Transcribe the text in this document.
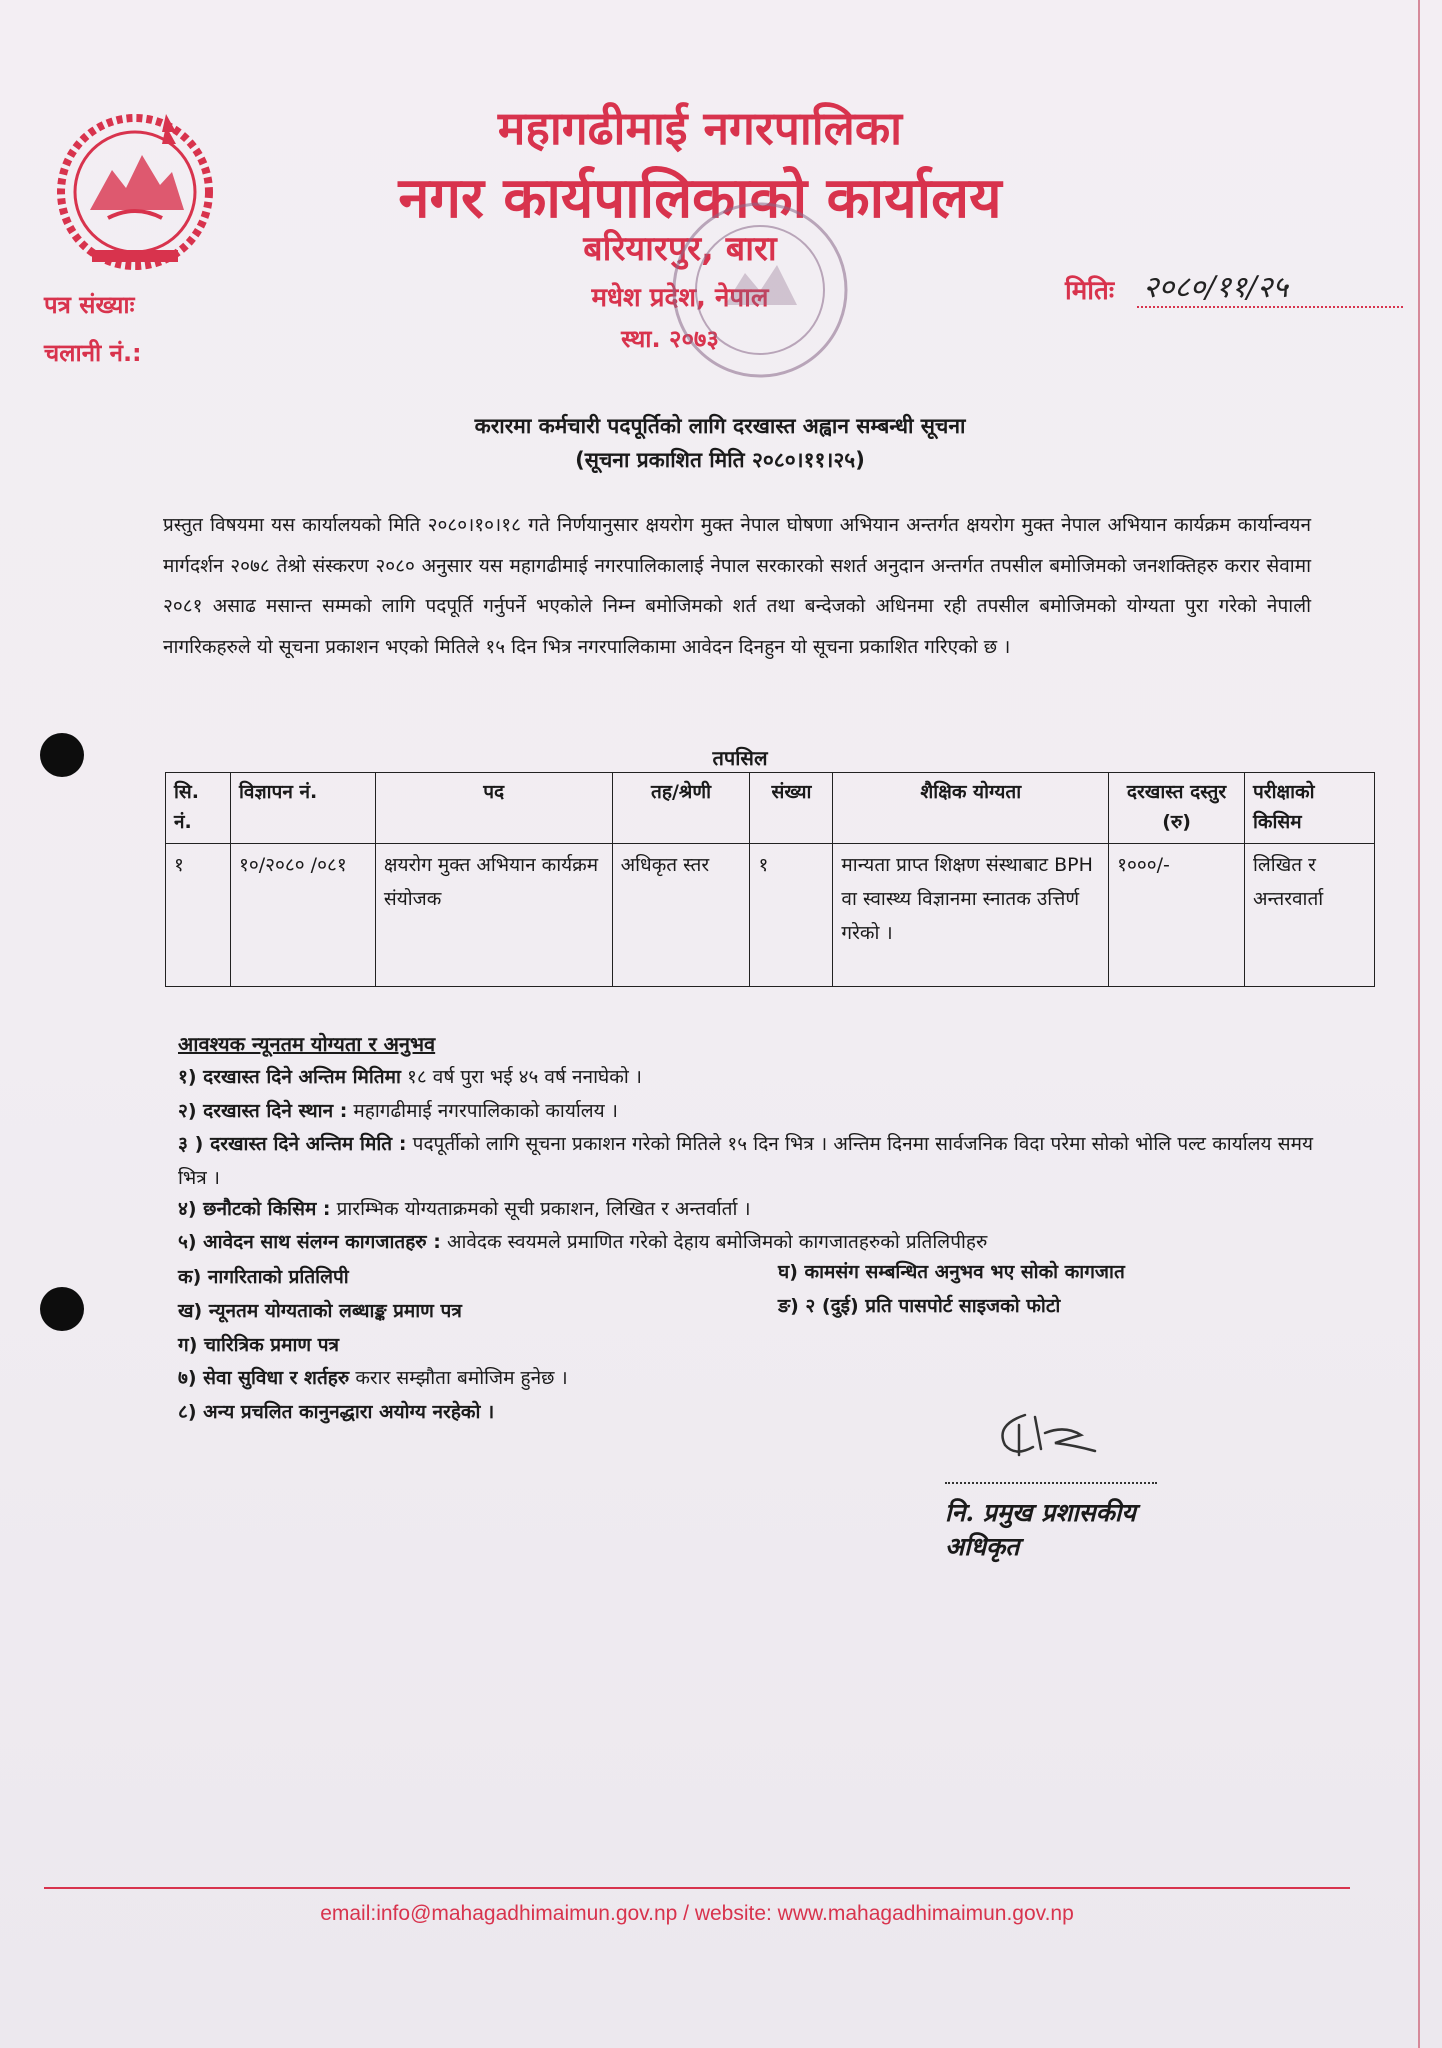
महागढीमाई नगरपालिका
नगर कार्यपालिकाको कार्यालय
बरियारपुर, बारा
मधेश प्रदेश, नेपाल
स्था. २०७३
पत्र संख्याः
चलानी नं.:
मितिः २०८०/११/२५
करारमा कर्मचारी पदपूर्तिको लागि दरखास्त अह्वान सम्बन्धी सूचना
(सूचना प्रकाशित मिति २०८०।११।२५)
प्रस्तुत विषयमा यस कार्यालयको मिति २०८०।१०।१८ गते निर्णयानुसार क्षयरोग मुक्त नेपाल घोषणा अभियान अन्तर्गत क्षयरोग मुक्त नेपाल अभियान कार्यक्रम कार्यान्वयन मार्गदर्शन २०७८ तेश्रो संस्करण २०८० अनुसार यस महागढीमाई नगरपालिकालाई नेपाल सरकारको सशर्त अनुदान अन्तर्गत तपसील बमोजिमको जनशक्तिहरु करार सेवामा २०८१ असाढ मसान्त सम्मको लागि पदपूर्ति गर्नुपर्ने भएकोले निम्न बमोजिमको शर्त तथा बन्देजको अधिनमा रही तपसील बमोजिमको योग्यता पुरा गरेको नेपाली नागरिकहरुले यो सूचना प्रकाशन भएको मितिले १५ दिन भित्र नगरपालिकामा आवेदन दिनहुन यो सूचना प्रकाशित गरिएको छ ।
तपसिल
सि. नं.	विज्ञापन नं.	पद	तह/श्रेणी	संख्या	शैक्षिक योग्यता	दरखास्त दस्तुर (रु)	परीक्षाको किसिम
१	१०/२०८० /०८१	क्षयरोग मुक्त अभियान कार्यक्रम संयोजक	अधिकृत स्तर	१	मान्यता प्राप्त शिक्षण संस्थाबाट BPH वा स्वास्थ्य विज्ञानमा स्नातक उत्तिर्ण गरेको ।	१०००/-	लिखित र अन्तरवार्ता
आवश्यक न्यूनतम योग्यता र अनुभव
१) दरखास्त दिने अन्तिम मितिमा १८ वर्ष पुरा भई ४५ वर्ष ननाघेको ।
२) दरखास्त दिने स्थान : महागढीमाई नगरपालिकाको कार्यालय ।
३ ) दरखास्त दिने अन्तिम मिति : पदपूर्तीको लागि सूचना प्रकाशन गरेको मितिले १५ दिन भित्र । अन्तिम दिनमा सार्वजनिक विदा परेमा सोको भोलि पल्ट कार्यालय समय भित्र ।
४) छनौटको किसिम : प्रारम्भिक योग्यताक्रमको सूची प्रकाशन, लिखित र अन्तर्वार्ता ।
५) आवेदन साथ संलग्न कागजातहरु : आवेदक स्वयमले प्रमाणित गरेको देहाय बमोजिमको कागजातहरुको प्रतिलिपीहरु
क) नागरिताको प्रतिलिपी	घ) कामसंग सम्बन्धित अनुभव भए सोको कागजात
ख) न्यूनतम योग्यताको लब्धाङ्क प्रमाण पत्र	ङ) २ (दुई) प्रति पासपोर्ट साइजको फोटो
ग) चारित्रिक प्रमाण पत्र
७) सेवा सुविधा र शर्तहरु करार सम्झौता बमोजिम हुनेछ ।
८) अन्य प्रचलित कानुनद्धारा अयोग्य नरहेको ।
नि. प्रमुख प्रशासकीय अधिकृत
email:info@mahagadhimaimun.gov.np / website: www.mahagadhimaimun.gov.np
